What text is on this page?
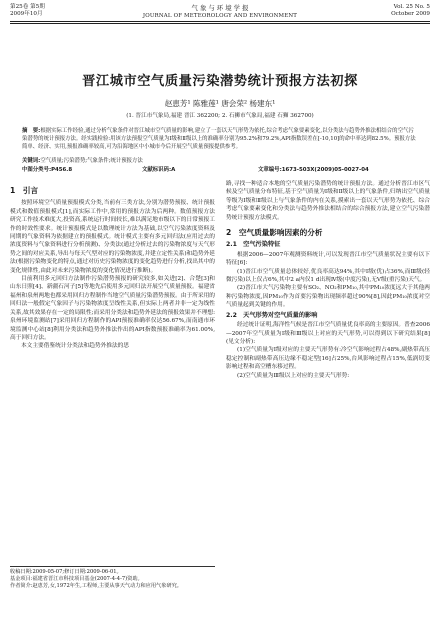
第25卷 第5期
2009年10月
气 象 与 环 境 学 报
JOURNAL OF METEOROLOGY AND ENVIRONMENT
Vol. 25 No. 5
October 2009
晋江城市空气质量污染潜势统计预报方法初探
赵恵芳¹ 陈雅莲¹ 唐会荣² 杨建东¹
(1. 晋江市气象局,福建 晋江 362200; 2. 石狮市气象局,福建 石狮 362700)
摘　要:根据实际工作经验,通过分析气象条件对晋江城市空气质量的影响,建立了一套以天气形势为依托,综合考虑气象要素变化,以分类法与趋势外推法相结合的空气污染潜势的统计预报方法。经实践检验:用该方法预报空气质量为Ⅰ级和Ⅱ级以上的准确率分别为95.2%和79.2%,API指数误差在[-10,10]的命中率达到82.5%。预报方法简单、经济、实用,预报准确率较高,可为沿海地区中小城市今后开展空气质量预报提供参考。
关键词:空气质量;污染潜势;气象条件;统计预报方法
中图分类号:P456.8	文献标识码:A	文章编号:1673-503X(2009)05-0027-04
1　引言

按照环境空气质量预报模式分类,当前有三类方法,分别为潜势预报、统计预报模式和数值预报模式[1],而实际工作中,常用的预报方法为后两种。数值预报方法研究工作技术难度大,投资高,系统运行时间较长,难以满足地市级以下的日常预报工作的时效性要求。统计预报模式是以数理统计方法为基础,以空气污染浓度资料及同期的气象资料为依据建立的预报模式。统计模式主要有多元回归法(应用过去的浓度资料与气象资料进行分析预测)、分类法(通过分析过去的污染物浓度与天气形势之间的对应关系,导出与每天气型对应的污染物浓度,并建立定性关系)和趋势外延法(根据污染物变化的特点,通过对历史污染物浓度的变化趋势进行分析,找出其中的变化规律性,由此对未来污染物浓度的变化情况进行推断)。

目前利用多元回归方法制作污染潜势预报的研究较多,如关进[2]、合楚[3]和山东日照[4]、新疆石河子[5]等地先后使用多元回归法开展空气质量预报。福建省福州和泉州两地也都采用回归方程制作当地空气质量污染潜势预报。由于所采用的回归法一般假定气象因子与污染物浓度呈线性关系,但实际上两者并非一定为线性关系,故其效果存在一定的局限性;而采用分类法和趋势外延法的预报效果并不理想:泉州环境监测站[7]采用回归方程制作的API预报准确率仅达56.67%,而南通市环境监测中心站[8]利用分类法和趋势外推法作出的API指数预报准确率为61.00%,高于回归方法。

本文主要借鉴统计分类法和趋势外推法的思

路,寻找一种适合本地的空气质量污染潜势的统计预报方法。通过分析晋江市区气候及空气质量分布特征,基于空气质量为Ⅰ级和Ⅱ级以上的气象条件,归纳出空气质量等级为Ⅰ级和Ⅱ级以上与气象条件的内在关系,摸索出一套以天气形势为依托、综合考虑气象要素变化和分类法与趋势外推法相结合的综合预报方法,建立空气污染潜势统计预报方法模式。

2　空气质量影响因素的分析
2.1　空气污染特征

根据2006—2007年观测资料统计,可以发现晋江市空气质量状况主要有以下特征[6]:

(1)晋江市空气质量总体较好,优良率高达94%,其中Ⅰ级(优)占36%,而Ⅲ级(轻微污染)以上仅占6%,其中2 a内仅1 d出现Ⅳ级(中度污染),无Ⅴ级(重污染)天气。

(2)晋江市大气污染物主要有SO₂、NO₂和PM₁₀,其中PM₁₀浓度远大于其他两种污染物浓度,因PM₁₀作为首要污染物出现频率超过90%[8],因此PM₁₀浓度对空气质量起到关键的作用。

2.2　天气形势对空气质量的影响

经过统计证明,海洋性气候是晋江市空气质量优良率高的主要原因。普查2006—2007年空气质量为Ⅰ级和Ⅲ级以上对应的天气形势,可以得到以下研究结果[8](见文分析):

(1)空气质量为Ⅰ级对应的主要天气形势有:冷空气影响过程占48%,副热带高压稳定控制和副热带高压边缘不稳定型[16]占25%,台风影响过程占15%,低涡切变影响过程和高空槽东移过程。

(2)空气质量为Ⅲ级以上对应的主要天气形势:

收稿日期:2009-05-07;修订日期:2009-06-01。
基金项目:福建省晋江市科技项目基金(2007-4-4-7)资助。
作者简介:赵恵芳,女,1972年生,工程师,主要从事天气动力和应用气象研究。
